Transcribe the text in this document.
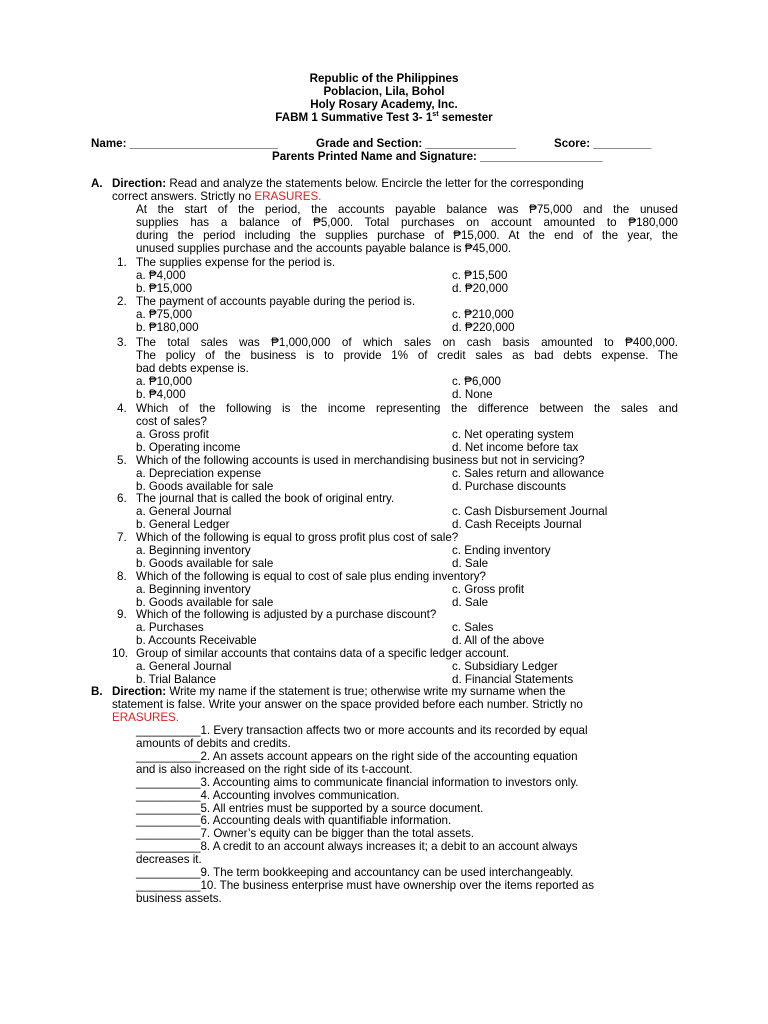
Republic of the Philippines
Poblacion, Lila, Bohol
Holy Rosary Academy, Inc.
FABM 1 Summative Test 3- 1st semester
Name: _______________________	Grade and Section: ______________	Score: _________
Parents Printed Name and Signature: ___________________
A. Direction: Read and analyze the statements below. Encircle the letter for the corresponding
correct answers. Strictly no ERASURES.
At the start of the period, the accounts payable balance was ₱75,000 and the unused
supplies has a balance of ₱5,000. Total purchases on account amounted to ₱180,000
during the period including the supplies purchase of ₱15,000. At the end of the year, the
unused supplies purchase and the accounts payable balance is ₱45,000.
1. The supplies expense for the period is.
a. ₱4,000
b. ₱15,000
c. ₱15,500
d. ₱20,000
2. The payment of accounts payable during the period is.
a. ₱75,000
b. ₱180,000
c. ₱210,000
d. ₱220,000
3. The total sales was ₱1,000,000 of which sales on cash basis amounted to ₱400,000.
The policy of the business is to provide 1% of credit sales as bad debts expense. The
bad debts expense is.
a. ₱10,000
b. ₱4,000
c. ₱6,000
d. None
4. Which of the following is the income representing the difference between the sales and
cost of sales?
a. Gross profit
b. Operating income
c. Net operating system
d. Net income before tax
5. Which of the following accounts is used in merchandising business but not in servicing?
a. Depreciation expense
b. Goods available for sale
c. Sales return and allowance
d. Purchase discounts
6. The journal that is called the book of original entry.
a. General Journal
b. General Ledger
c. Cash Disbursement Journal
d. Cash Receipts Journal
7. Which of the following is equal to gross profit plus cost of sale?
a. Beginning inventory
b. Goods available for sale
c. Ending inventory
d. Sale
8. Which of the following is equal to cost of sale plus ending inventory?
a. Beginning inventory
b. Goods available for sale
c. Gross profit
d. Sale
9. Which of the following is adjusted by a purchase discount?
a. Purchases
b. Accounts Receivable
c. Sales
d. All of the above
10. Group of similar accounts that contains data of a specific ledger account.
a. General Journal
b. Trial Balance
c. Subsidiary Ledger
d. Financial Statements
B. Direction: Write my name if the statement is true; otherwise write my surname when the
statement is false. Write your answer on the space provided before each number. Strictly no
ERASURES.
__________1. Every transaction affects two or more accounts and its recorded by equal
amounts of debits and credits.
__________2. An assets account appears on the right side of the accounting equation
and is also increased on the right side of its t-account.
__________3. Accounting aims to communicate financial information to investors only.
__________4. Accounting involves communication.
__________5. All entries must be supported by a source document.
__________6. Accounting deals with quantifiable information.
__________7. Owner’s equity can be bigger than the total assets.
__________8. A credit to an account always increases it; a debit to an account always
decreases it.
__________9. The term bookkeeping and accountancy can be used interchangeably.
__________10. The business enterprise must have ownership over the items reported as
business assets.
